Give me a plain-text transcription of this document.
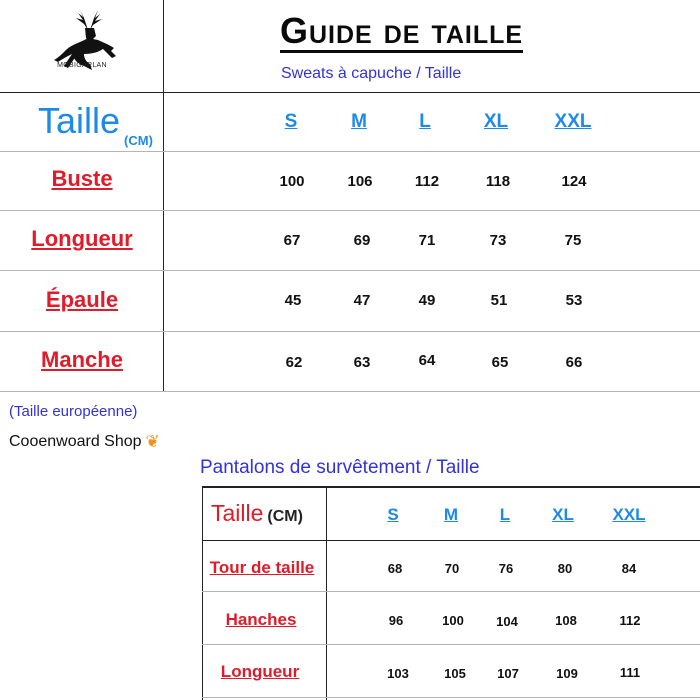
MOBIGARLAN
Guide de taille
Sweats à capuche / Taille
Taille $_{(CM)}$
S	M	L	XL XXL
Buste	100	106	112	118	124
Longueur	67	69	71	73	75
Épaule	45	47	49	51	53
Manche	62	63	64	65	66
(Taille européenne)
Cooenwoard Shop ❦
Pantalons de survêtement / Taille
Taille (CM)	S	M L XL XXL
Tour de taille	68	70	76	80	84
Hanches	96	100 104	108	112
Longueur	103	105 107	109	111
